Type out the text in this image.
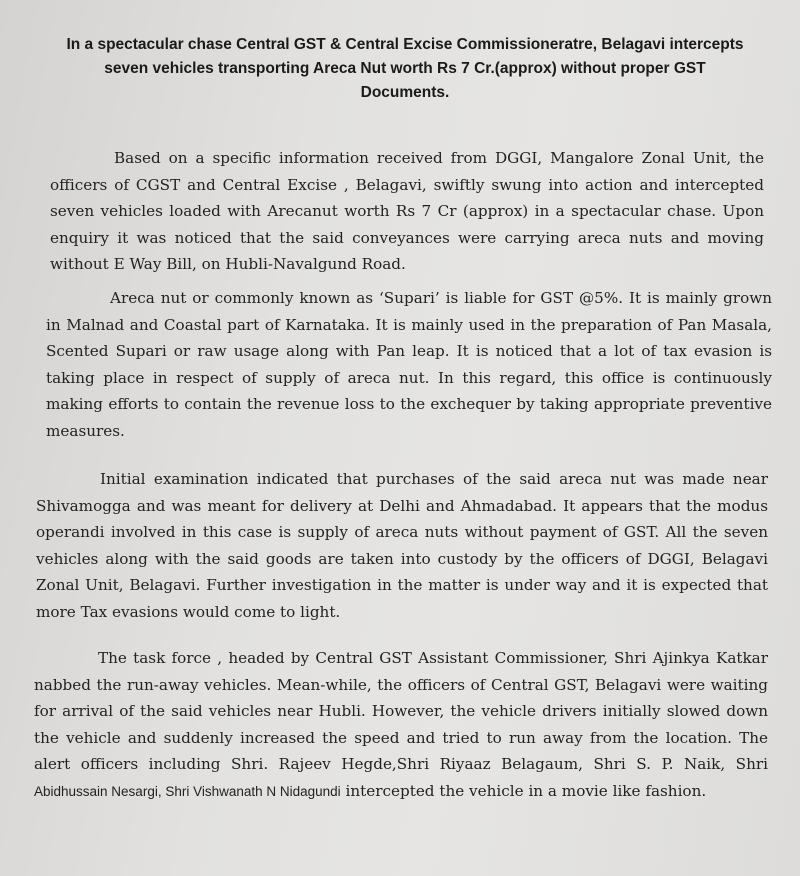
In a spectacular chase Central GST & Central Excise Commissioneratre, Belagavi intercepts seven vehicles transporting Areca Nut worth Rs 7 Cr.(approx) without proper GST Documents.

Based on a specific information received from DGGI, Mangalore Zonal Unit, the officers of CGST and Central Excise , Belagavi, swiftly swung into action and intercepted seven vehicles loaded with Arecanut worth Rs 7 Cr (approx) in a spectacular chase. Upon enquiry it was noticed that the said conveyances were carrying areca nuts and moving without E Way Bill, on Hubli-Navalgund Road.

Areca nut or commonly known as ‘Supari’ is liable for GST @5%. It is mainly grown in Malnad and Coastal part of Karnataka. It is mainly used in the preparation of Pan Masala, Scented Supari or raw usage along with Pan leap. It is noticed that a lot of tax evasion is taking place in respect of supply of areca nut. In this regard, this office is continuously making efforts to contain the revenue loss to the exchequer by taking appropriate preventive measures.

Initial examination indicated that purchases of the said areca nut was made near Shivamogga and was meant for delivery at Delhi and Ahmadabad. It appears that the modus operandi involved in this case is supply of areca nuts without payment of GST. All the seven vehicles along with the said goods are taken into custody by the officers of DGGI, Belagavi Zonal Unit, Belagavi. Further investigation in the matter is under way and it is expected that more Tax evasions would come to light.

The task force , headed by Central GST Assistant Commissioner, Shri Ajinkya Katkar nabbed the run-away vehicles. Mean-while, the officers of Central GST, Belagavi were waiting for arrival of the said vehicles near Hubli. However, the vehicle drivers initially slowed down the vehicle and suddenly increased the speed and tried to run away from the location. The alert officers including Shri. Rajeev Hegde,Shri Riyaaz Belagaum, Shri S. P. Naik, Shri Abidhussain Nesargi, Shri Vishwanath N Nidagundi intercepted the vehicle in a movie like fashion.
